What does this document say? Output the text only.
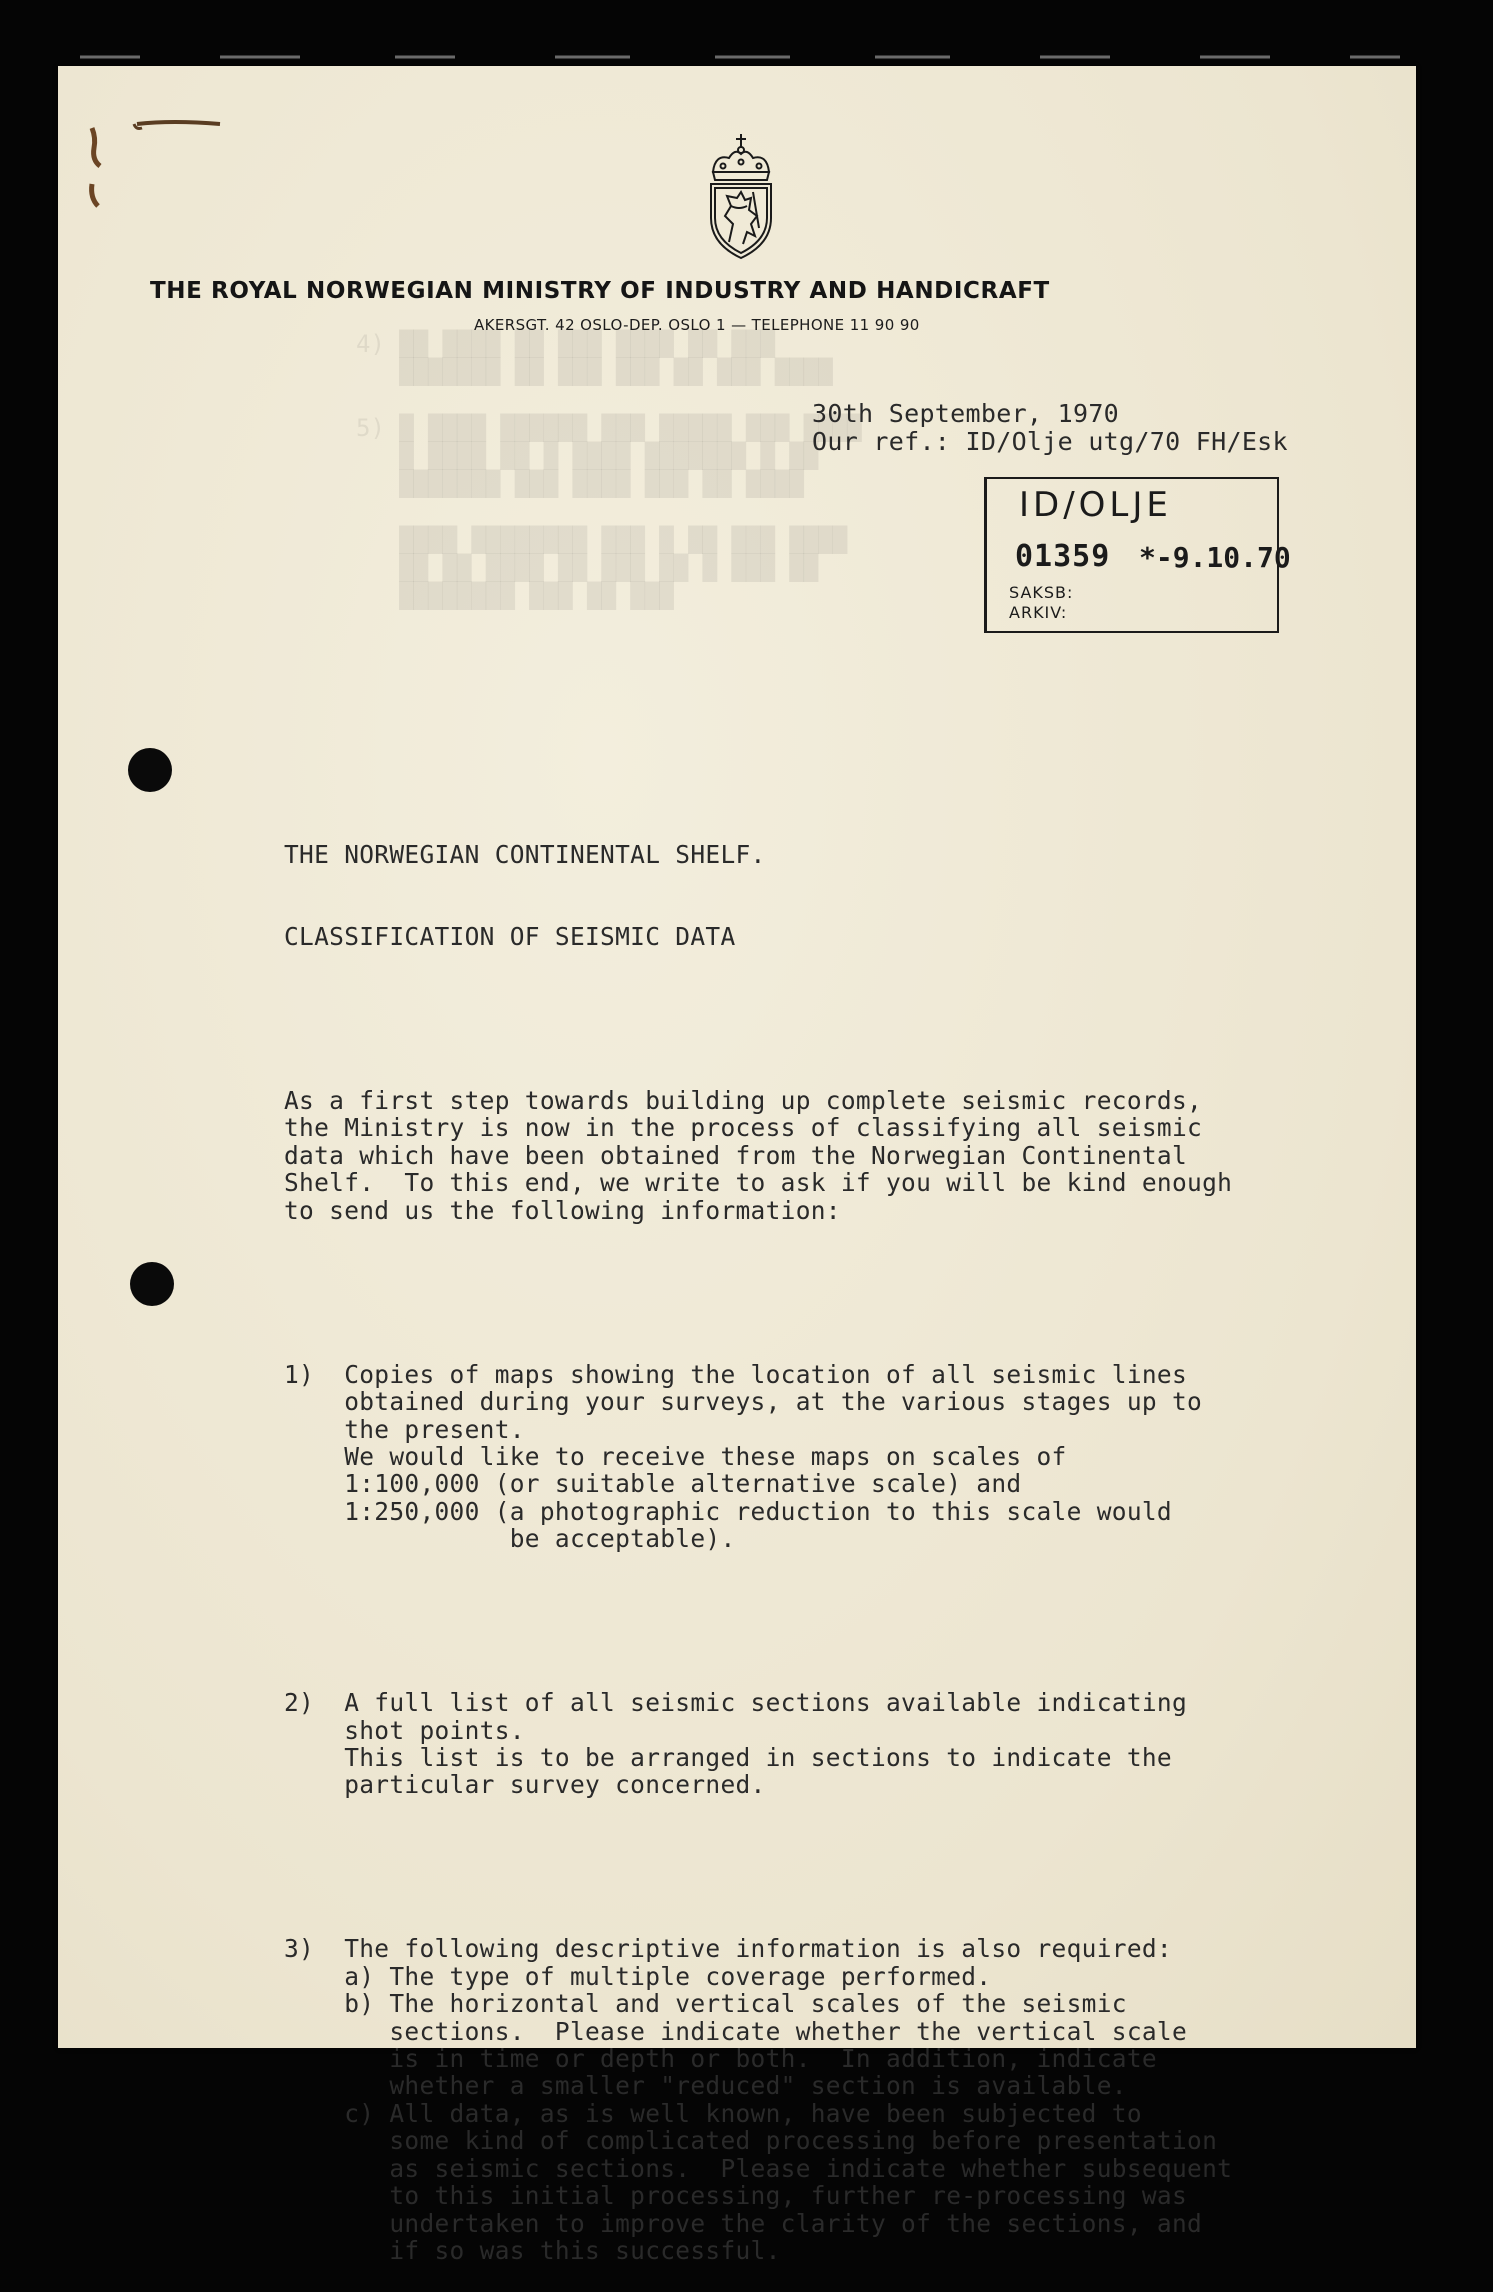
4) ██ ████ ██ ███ ████ ██ ███
███████ ██ ███ ███ ██ ███ ████

5) █ ████ ██████ ███ █████ ███ ████
█ ████ ██ █ ████ ███████ █ ██
███████ ███ ████ ███ ██ ████

████ ████████ ███ █ ██ ███ ████
██ ██ ████ ██ ███ ██ █ ███ ██
████████ ███ ██ ███
THE ROYAL NORWEGIAN MINISTRY OF INDUSTRY AND HANDICRAFT
AKERSGT. 42 OSLO-DEP. OSLO 1 — TELEPHONE 11 90 90
30th September, 1970
Our ref.: ID/Olje utg/70 FH/Esk
ID/OLJE
01359 *-9.10.70
SAKSB:
ARKIV:

THE NORWEGIAN CONTINENTAL SHELF.

CLASSIFICATION OF SEISMIC DATA

As a first step towards building up complete seismic records,
the Ministry is now in the process of classifying all seismic
data which have been obtained from the Norwegian Continental
Shelf.  To this end, we write to ask if you will be kind enough
to send us the following information:

1)  Copies of maps showing the location of all seismic lines
obtained during your surveys, at the various stages up to
the present.
We would like to receive these maps on scales of
1:100,000 (or suitable alternative scale) and
1:250,000 (a photographic reduction to this scale would
be acceptable).

2)  A full list of all seismic sections available indicating
shot points.
This list is to be arranged in sections to indicate the
particular survey concerned.

3)  The following descriptive information is also required:
a) The type of multiple coverage performed.
b) The horizontal and vertical scales of the seismic
sections.  Please indicate whether the vertical scale
is in time or depth or both.  In addition, indicate
whether a smaller "reduced" section is available.
c) All data, as is well known, have been subjected to
some kind of complicated processing before presentation
as seismic sections.  Please indicate whether subsequent
to this initial processing, further re-processing was
undertaken to improve the clarity of the sections, and
if so was this successful.
